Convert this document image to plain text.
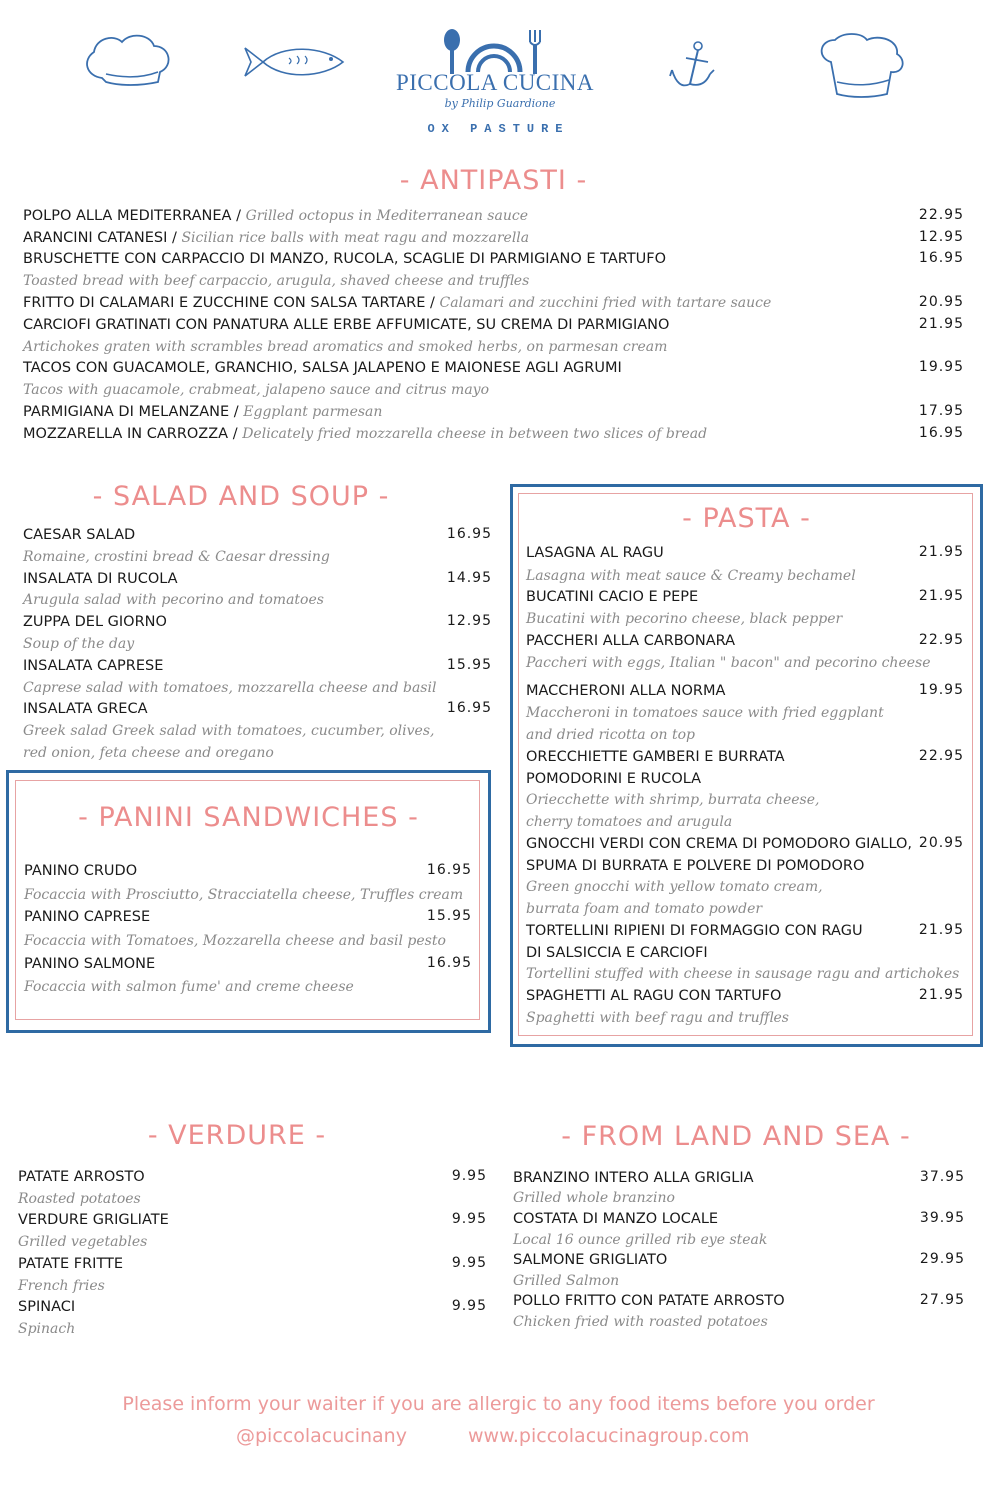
PICCOLA CUCINA
by Philip Guardione
OX PASTURE
- ANTIPASTI -
POLPO ALLA MEDITERRANEA / Grilled octopus in Mediterranean sauce	22.95
ARANCINI CATANESI / Sicilian rice balls with meat ragu and mozzarella	12.95
BRUSCHETTE CON CARPACCIO DI MANZO, RUCOLA, SCAGLIE DI PARMIGIANO E TARTUFO	16.95
Toasted bread with beef carpaccio, arugula, shaved cheese and truffles
FRITTO DI CALAMARI E ZUCCHINE CON SALSA TARTARE / Calamari and zucchini fried with tartare sauce	20.95
CARCIOFI GRATINATI CON PANATURA ALLE ERBE AFFUMICATE, SU CREMA DI PARMIGIANO	21.95
Artichokes graten with scrambles bread aromatics and smoked herbs, on parmesan cream
TACOS CON GUACAMOLE, GRANCHIO, SALSA JALAPENO E MAIONESE AGLI AGRUMI	19.95
Tacos with guacamole, crabmeat, jalapeno sauce and citrus mayo
PARMIGIANA DI MELANZANE / Eggplant parmesan	17.95
MOZZARELLA IN CARROZZA / Delicately fried mozzarella cheese in between two slices of bread	16.95
- SALAD AND SOUP -
CAESAR SALAD	16.95
Romaine, crostini bread & Caesar dressing
INSALATA DI RUCOLA	14.95
Arugula salad with pecorino and tomatoes
ZUPPA DEL GIORNO	12.95
Soup of the day
INSALATA CAPRESE	15.95
Caprese salad with tomatoes, mozzarella cheese and basil
INSALATA GRECA	16.95
Greek salad Greek salad with tomatoes, cucumber, olives,
red onion, feta cheese and oregano
- PANINI SANDWICHES -
PANINO CRUDO	16.95
Focaccia with Prosciutto, Stracciatella cheese, Truffles cream
PANINO CAPRESE	15.95
Focaccia with Tomatoes, Mozzarella cheese and basil pesto
PANINO SALMONE	16.95
Focaccia with salmon fume' and creme cheese
- PASTA -
LASAGNA AL RAGU	21.95
Lasagna with meat sauce & Creamy bechamel
BUCATINI CACIO E PEPE	21.95
Bucatini with pecorino cheese, black pepper
PACCHERI ALLA CARBONARA	22.95
Paccheri with eggs, Italian " bacon" and pecorino cheese
MACCHERONI ALLA NORMA	19.95
Maccheroni in tomatoes sauce with fried eggplant
and dried ricotta on top
ORECCHIETTE GAMBERI E BURRATA	22.95
POMODORINI E RUCOLA
Oriecchette with shrimp, burrata cheese,
cherry tomatoes and arugula
GNOCCHI VERDI CON CREMA DI POMODORO GIALLO, 20.95
SPUMA DI BURRATA E POLVERE DI POMODORO
Green gnocchi with yellow tomato cream,
burrata foam and tomato powder
TORTELLINI RIPIENI DI FORMAGGIO CON RAGU	21.95
DI SALSICCIA E CARCIOFI
Tortellini stuffed with cheese in sausage ragu and artichokes
SPAGHETTI AL RAGU CON TARTUFO	21.95
Spaghetti with beef ragu and truffles
- VERDURE -
PATATE ARROSTO	9.95
Roasted potatoes
VERDURE GRIGLIATE	9.95
Grilled vegetables
PATATE FRITTE	9.95
French fries
SPINACI	9.95
Spinach
- FROM LAND AND SEA -
BRANZINO INTERO ALLA GRIGLIA	37.95
Grilled whole branzino
COSTATA DI MANZO LOCALE	39.95
Local 16 ounce grilled rib eye steak
SALMONE GRIGLIATO	29.95
Grilled Salmon
POLLO FRITTO CON PATATE ARROSTO	27.95
Chicken fried with roasted potatoes
Please inform your waiter if you are allergic to any food items before you order
@piccolacucinany	www.piccolacucinagroup.com
